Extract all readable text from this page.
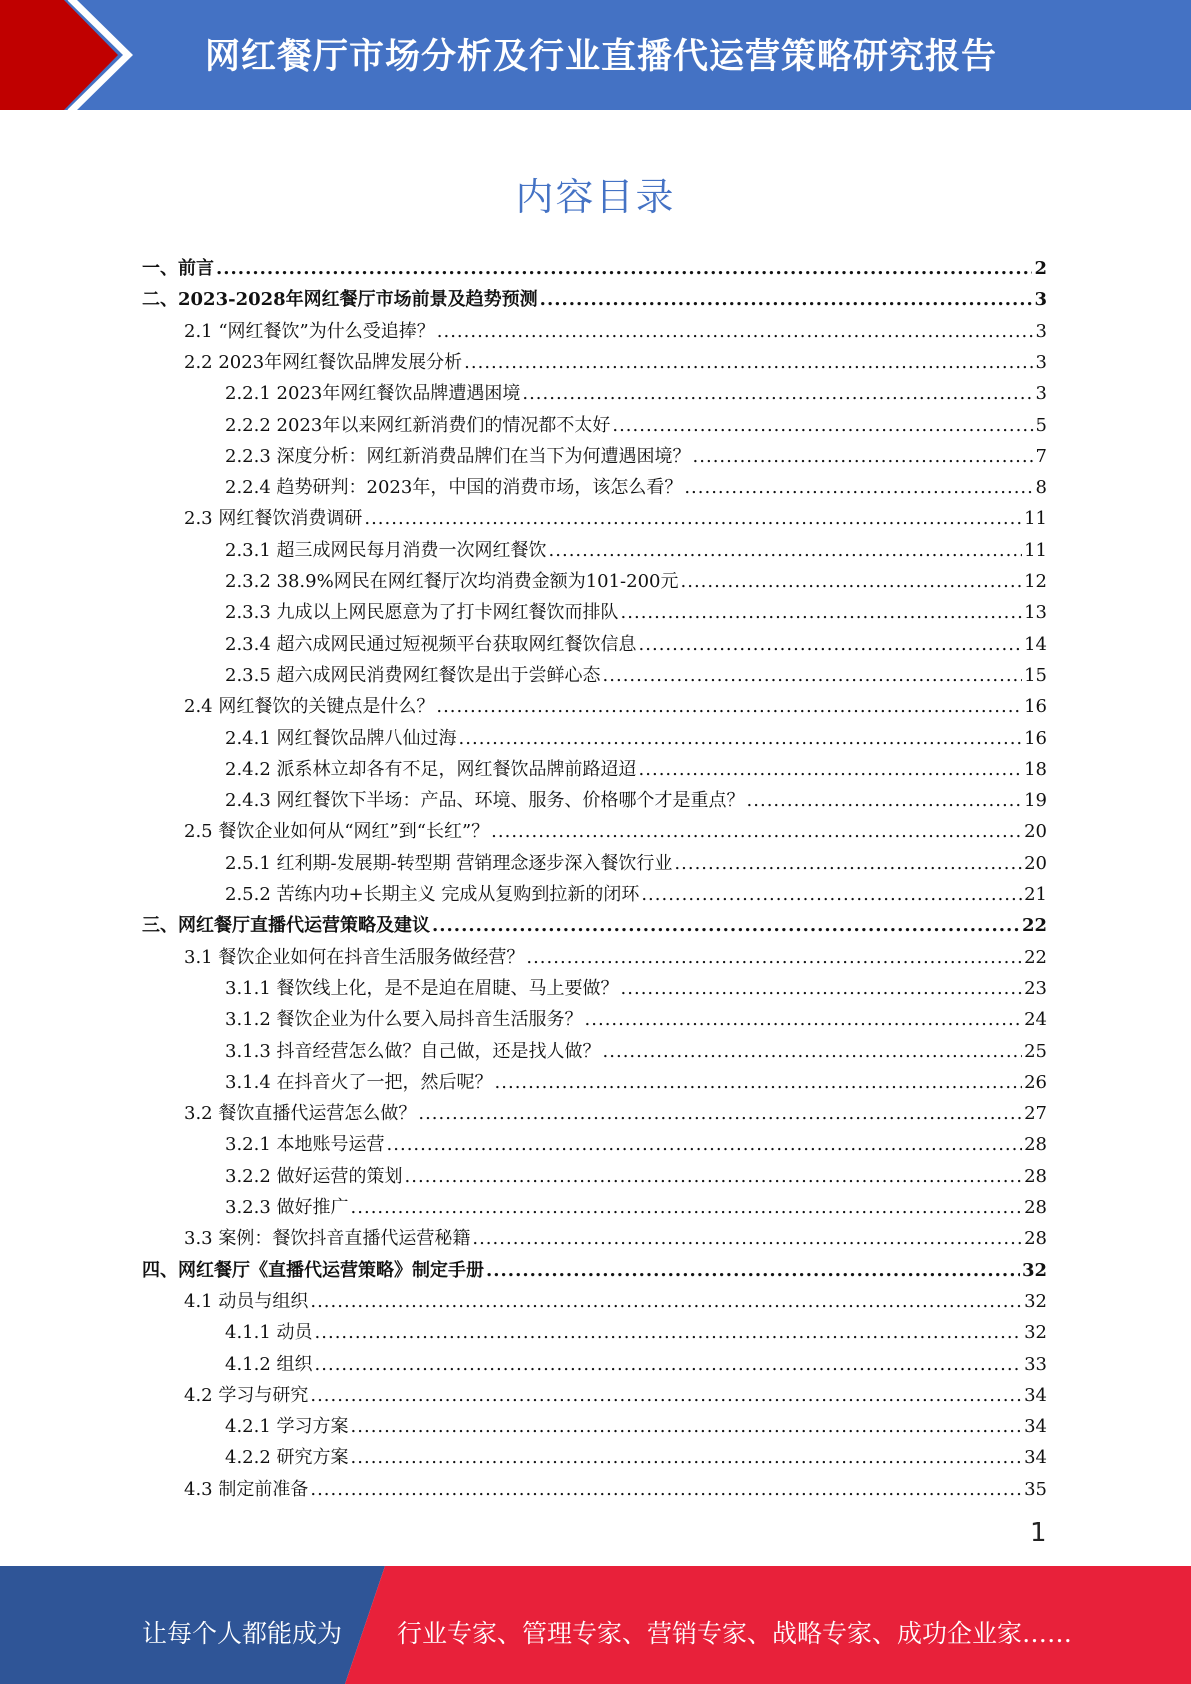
网红餐厅市场分析及行业直播代运营策略研究报告
内容目录
一、前言 .....	2
二、2023-2028年网红餐厅市场前景及趋势预测 .....	3
2.1 “网红餐饮”为什么受追捧？ .....	3
2.2 2023年网红餐饮品牌发展分析 .....	3
2.2.1 2023年网红餐饮品牌遭遇困境 .....	3
2.2.2 2023年以来网红新消费们的情况都不太好 .....	5
2.2.3 深度分析：网红新消费品牌们在当下为何遭遇困境？ .....	7
2.2.4 趋势研判：2023年，中国的消费市场，该怎么看？ .....	8
2.3 网红餐饮消费调研 .....	11
2.3.1 超三成网民每月消费一次网红餐饮 .....	11
2.3.2 38.9%网民在网红餐厅次均消费金额为101-200元 .....	12
2.3.3 九成以上网民愿意为了打卡网红餐饮而排队 .....	13
2.3.4 超六成网民通过短视频平台获取网红餐饮信息 .....	14
2.3.5 超六成网民消费网红餐饮是出于尝鲜心态 .....	15
2.4 网红餐饮的关键点是什么？ .....	16
2.4.1 网红餐饮品牌八仙过海 .....	16
2.4.2 派系林立却各有不足，网红餐饮品牌前路迢迢 .....	18
2.4.3 网红餐饮下半场：产品、环境、服务、价格哪个才是重点？ .....	19
2.5 餐饮企业如何从“网红”到“长红”？ .....	20
2.5.1 红利期-发展期-转型期 营销理念逐步深入餐饮行业 .....	20
2.5.2 苦练内功+长期主义 完成从复购到拉新的闭环 .....	21
三、网红餐厅直播代运营策略及建议 .....	22
3.1 餐饮企业如何在抖音生活服务做经营？ .....	22
3.1.1 餐饮线上化，是不是迫在眉睫、马上要做？ .....	23
3.1.2 餐饮企业为什么要入局抖音生活服务？ .....	24
3.1.3 抖音经营怎么做？自己做，还是找人做？ .....	25
3.1.4 在抖音火了一把，然后呢？ .....	26
3.2 餐饮直播代运营怎么做？ .....	27
3.2.1 本地账号运营 .....	28
3.2.2 做好运营的策划 .....	28
3.2.3 做好推广 .....	28
3.3 案例：餐饮抖音直播代运营秘籍 .....	28
四、网红餐厅《直播代运营策略》制定手册 .....	32
4.1 动员与组织 .....	32
4.1.1 动员 .....	32
4.1.2 组织 .....	33
4.2 学习与研究 .....	34
4.2.1 学习方案 .....	34
4.2.2 研究方案 .....	34
4.3 制定前准备 .....	35
1
让每个人都能成为 行业专家、管理专家、营销专家、战略专家、成功企业家……
